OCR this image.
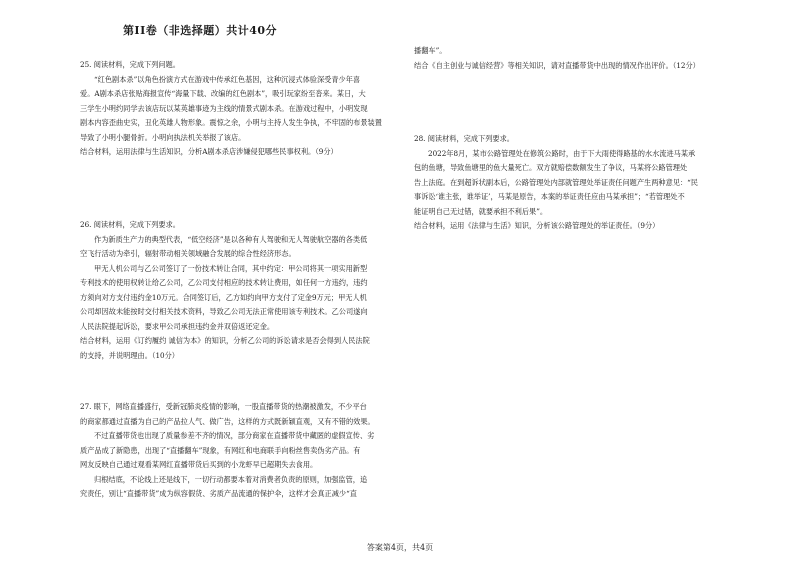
第II卷（非选择题）共计40分
25. 阅读材料，完成下列问题。
“红色剧本杀”以角色扮演方式在游戏中传承红色基因，这种沉浸式体验深受青少年喜
爱。A剧本杀店张贴海报宣传“海量下载、改编的红色剧本”，吸引玩家纷至沓来。某日，大
三学生小明约同学去该店玩以某英雄事迹为主线的情景式剧本杀。在游戏过程中，小明发现
剧本内容歪曲史实，丑化英雄人物形象。震惊之余，小明与主持人发生争执，不牢固的布景装置
导致了小明小腿骨折。小明向执法机关举报了该店。
结合材料，运用法律与生活知识，分析A剧本杀店涉嫌侵犯哪些民事权利。（9分）
26. 阅读材料，完成下列要求。
作为新质生产力的典型代表，“低空经济”是以各种有人驾驶和无人驾驶航空器的各类低
空飞行活动为牵引，辐射带动相关领域融合发展的综合性经济形态。
甲无人机公司与乙公司签订了一份技术转让合同，其中约定：甲公司将其一项实用新型
专利技术的使用权转让给乙公司，乙公司支付相应的技术转让费用，如任何一方违约，违约
方须向对方支付违约金10万元。合同签订后，乙方如约向甲方支付了定金9万元；甲无人机
公司却因故未能按时交付相关技术资料，导致乙公司无法正常使用该专利技术。乙公司遂向
人民法院提起诉讼，要求甲公司承担违约金并双倍返还定金。
结合材料，运用《订约履约 诚信为本》的知识，分析乙公司的诉讼请求是否会得到人民法院
的支持，并说明理由。（10分）
27. 眼下，网络直播盛行，受新冠肺炎疫情的影响，一股直播带货的热潮被激发，不少平台
的商家都通过直播为自己的产品拉人气、做广告，这样的方式既新颖直观，又有不错的效果。
不过直播带货也出现了质量参差不齐的情况，部分商家在直播带货中藏匿的虚假宣传、劣
质产品成了新隐患，出现了“直播翻车”现象，有网红和电商联手向粉丝售卖伪劣产品。有
网友反映自己通过观看某网红直播带货后买到的小龙虾早已超期失去食用。
归根结底，不论线上还是线下，一切行动都要本着对消费者负责的原则，加强监管，追
究责任，别让“直播带货”成为纵容假货、劣质产品流通的保护伞，这样才会真正减少“直
播翻车”。
结合《自主创业与诚信经营》等相关知识，请对直播带货中出现的情况作出评价。（12分）
28. 阅读材料，完成下列要求。
2022年8月，某市公路管理处在修筑公路时，由于下大雨使得路基的水水流进马某承
包的鱼塘，导致鱼塘里的鱼大量死亡。双方就赔偿数额发生了争议，马某将公路管理处
告上法庭。在到超诉状副本后，公路管理处内部就管理处举证责任问题产生两种意见：“民
事诉讼‘谁主张，谁举证’，马某是原告，本案的举证责任应由马某承担”；“若管理处不
能证明自己无过错，就要承担不利后果”。
结合材料，运用《法律与生活》知识，分析该公路管理处的举证责任。（9分）
答案第4页，共4页
